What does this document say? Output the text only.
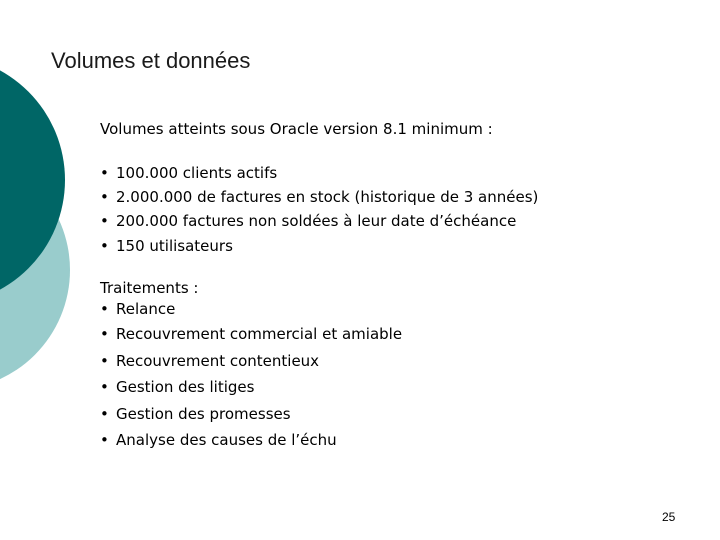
Volumes et données
Volumes atteints sous Oracle version 8.1 minimum :
• 100.000 clients actifs
• 2.000.000 de factures en stock (historique de 3 années)
• 200.000 factures non soldées à leur date d’échéance
• 150 utilisateurs
Traitements :
• Relance
• Recouvrement commercial et amiable
• Recouvrement contentieux
• Gestion des litiges
• Gestion des promesses
• Analyse des causes de l’échu
25
